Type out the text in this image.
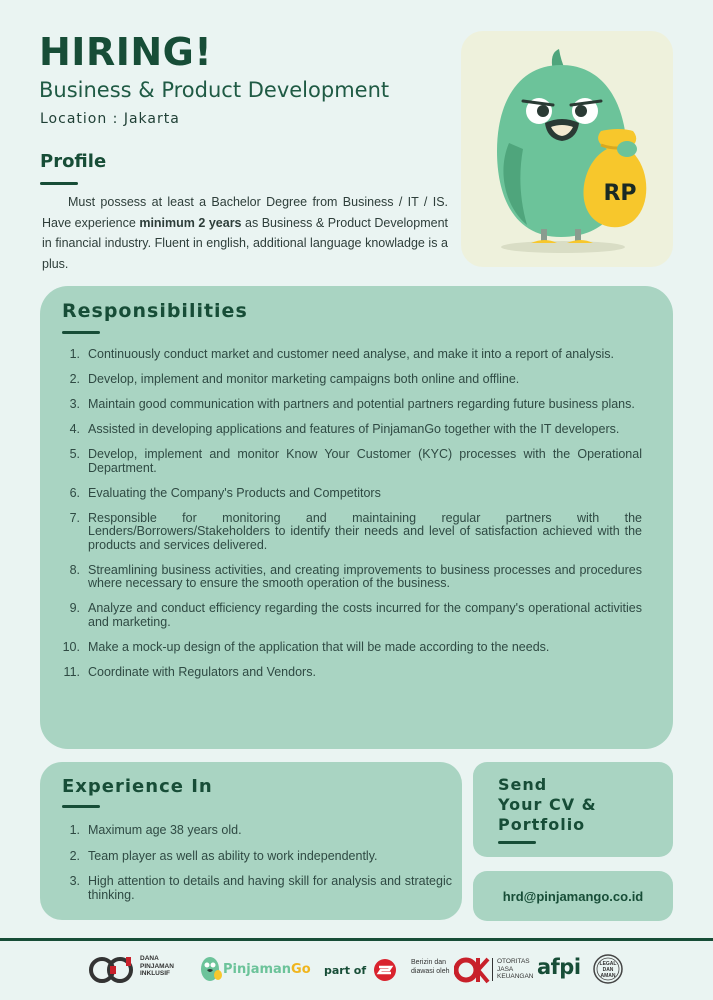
HIRING!
Business & Product Development
Location : Jakarta
Profile
Must possess at least a Bachelor Degree from Business / IT / IS. Have experience minimum 2 years as Business & Product Development in financial industry. Fluent in english, additional language knowladge is a plus.
RP
Responsibilities
1. Continuously conduct market and customer need analyse, and make it into a report of analysis.
2. Develop, implement and monitor marketing campaigns both online and offline.
3. Maintain good communication with partners and potential partners regarding future business plans.
4. Assisted in developing applications and features of PinjamanGo together with the IT developers.
5. Develop, implement and monitor Know Your Customer (KYC) processes with the Operational Department.
6. Evaluating the Company's Products and Competitors
7. Responsible for monitoring and maintaining regular partners with the Lenders/Borrowers/Stakeholders to identify their needs and level of satisfaction achieved with the products and services delivered.
8. Streamlining business activities, and creating improvements to business processes and procedures where necessary to ensure the smooth operation of the business.
9. Analyze and conduct efficiency regarding the costs incurred for the company's operational activities and marketing.
10. Make a mock-up design of the application that will be made according to the needs.
11. Coordinate with Regulators and Vendors.
Experience In
1. Maximum age 38 years old.
2. Team player as well as ability to work independently.
3. High attention to details and having skill for analysis and strategic thinking.
Send
Your CV &
Portfolio
hrd@pinjamango.co.id
DANA
PINJAMAN
INKLUSIF	PinjamanGo part of
Berizin dan
diawasi oleh
OTORITAS
JASA
KEUANGAN afpi	LEGAL
DAN
AMAN
